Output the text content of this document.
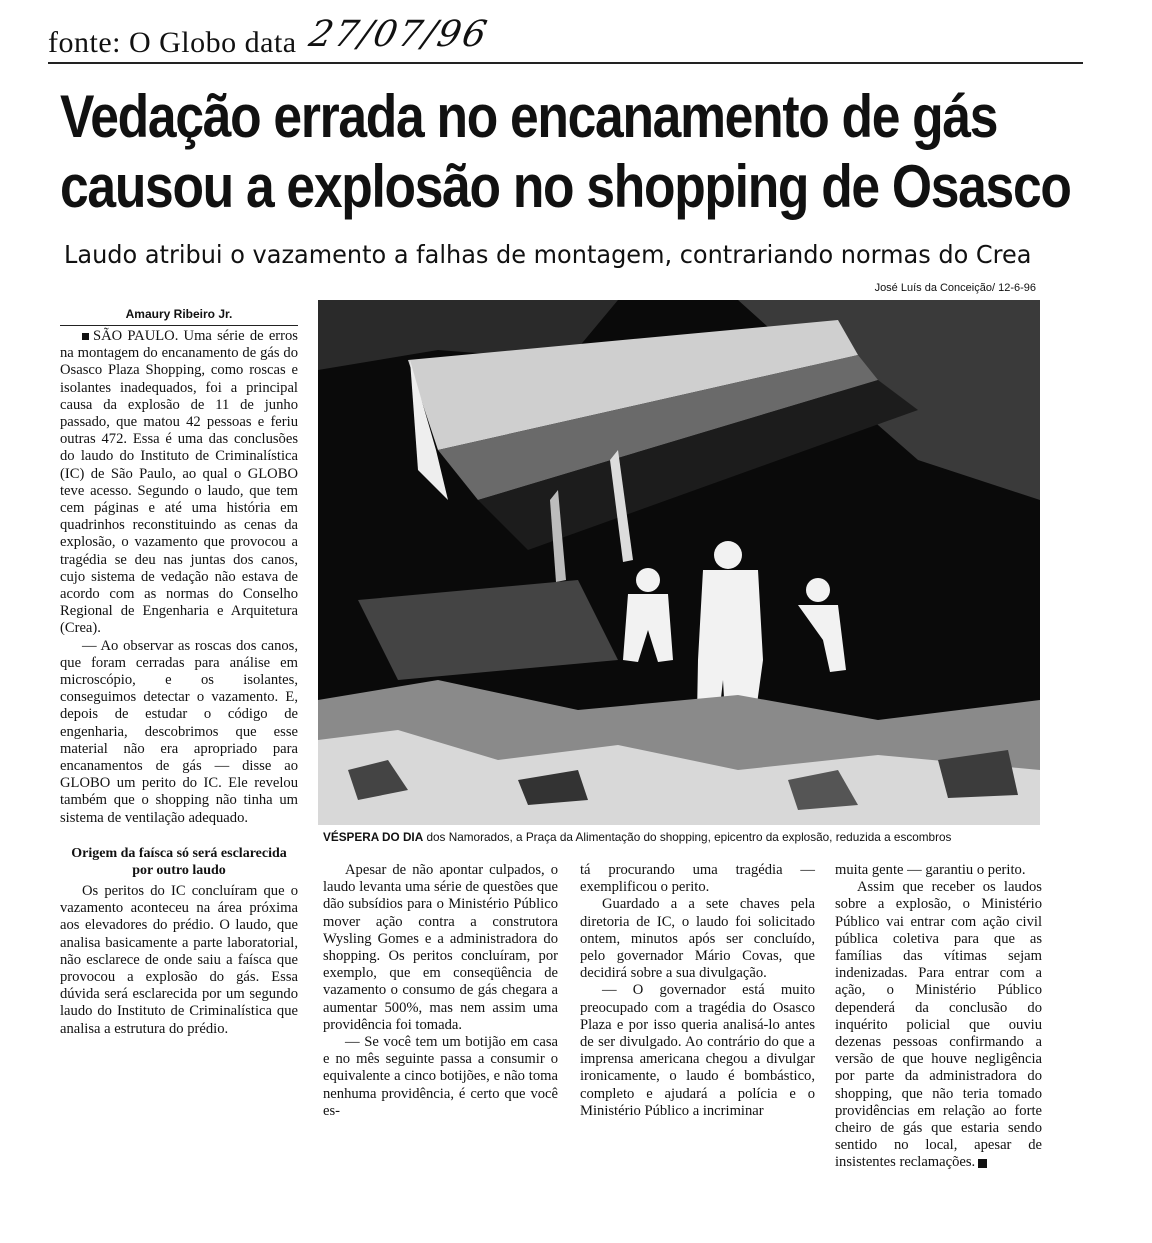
fonte: O Globo data 27/07/96
Vedação errada no encanamento de gás
causou a explosão no shopping de Osasco
Laudo atribui o vazamento a falhas de montagem, contrariando normas do Crea
José Luís da Conceição/ 12-6-96
Amaury Ribeiro Jr.

SÃO PAULO. Uma série de erros na montagem do encanamento de gás do Osasco Plaza Shopping, como roscas e isolantes inadequados, foi a principal causa da explosão de 11 de junho passado, que matou 42 pessoas e feriu outras 472. Essa é uma das conclusões do laudo do Instituto de Criminalística (IC) de São Paulo, ao qual o GLOBO teve acesso. Segundo o laudo, que tem cem páginas e até uma história em quadrinhos reconstituindo as cenas da explosão, o vazamento que provocou a tragédia se deu nas juntas dos canos, cujo sistema de vedação não estava de acordo com as normas do Conselho Regional de Engenharia e Arquitetura (Crea).

— Ao observar as roscas dos canos, que foram cerradas para análise em microscópio, e os isolantes, conseguimos detectar o vazamento. E, depois de estudar o código de engenharia, descobrimos que esse material não era apropriado para encanamentos de gás — disse ao GLOBO um perito do IC. Ele revelou também que o shopping não tinha um sistema de ventilação adequado.

Origem da faísca só será esclarecida por outro laudo

Os peritos do IC concluíram que o vazamento aconteceu na área próxima aos elevadores do prédio. O laudo, que analisa basicamente a parte laboratorial, não esclarece de onde saiu a faísca que provocou a explosão do gás. Essa dúvida será esclarecida por um segundo laudo do Instituto de Criminalística que analisa a estrutura do prédio.

VÉSPERA DO DIA dos Namorados, a Praça da Alimentação do shopping, epicentro da explosão, reduzida a escombros

Apesar de não apontar culpados, o laudo levanta uma série de questões que dão subsídios para o Ministério Público mover ação contra a construtora Wysling Gomes e a administradora do shopping. Os peritos concluíram, por exemplo, que em conseqüência de vazamento o consumo de gás chegara a aumentar 500%, mas nem assim uma providência foi tomada.

— Se você tem um botijão em casa e no mês seguinte passa a consumir o equivalente a cinco botijões, e não toma nenhuma providência, é certo que você es-

tá procurando uma tragédia — exemplificou o perito.

Guardado a a sete chaves pela diretoria de IC, o laudo foi solicitado ontem, minutos após ser concluído, pelo governador Mário Covas, que decidirá sobre a sua divulgação.

— O governador está muito preocupado com a tragédia do Osasco Plaza e por isso queria analisá-lo antes de ser divulgado. Ao contrário do que a imprensa americana chegou a divulgar ironicamente, o laudo é bombástico, completo e ajudará a polícia e o Ministério Público a incriminar

muita gente — garantiu o perito.

Assim que receber os laudos sobre a explosão, o Ministério Público vai entrar com ação civil pública coletiva para que as famílias das vítimas sejam indenizadas. Para entrar com a ação, o Ministério Público dependerá da conclusão do inquérito policial que ouviu dezenas pessoas confirmando a versão de que houve negligência por parte da administradora do shopping, que não teria tomado providências em relação ao forte cheiro de gás que estaria sendo sentido no local, apesar de insistentes reclamações.
